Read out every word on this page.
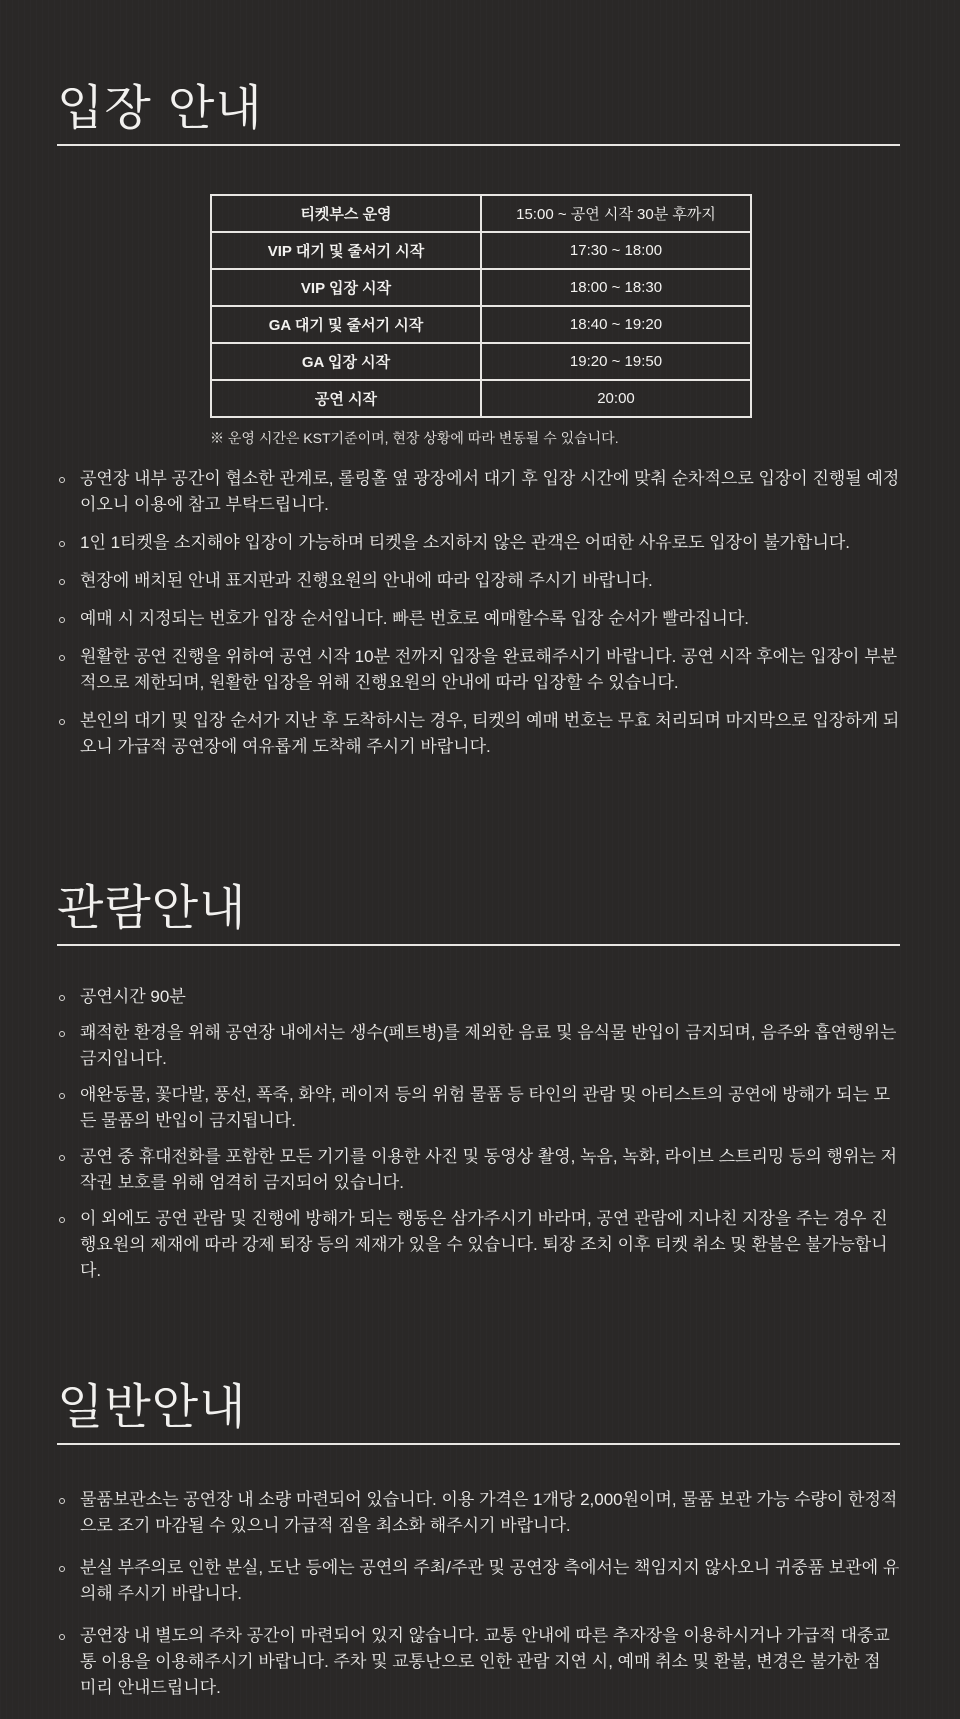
입장 안내
티켓부스 운영	15:00 ~ 공연 시작 30분 후까지
VIP 대기 및 줄서기 시작	17:30 ~ 18:00
VIP 입장 시작	18:00 ~ 18:30
GA 대기 및 줄서기 시작	18:40 ~ 19:20
GA 입장 시작	19:20 ~ 19:50
공연 시작	20:00
※ 운영 시간은 KST기준이며, 현장 상황에 따라 변동될 수 있습니다.
공연장 내부 공간이 협소한 관계로, 롤링홀 옆 광장에서 대기 후 입장 시간에 맞춰 순차적으로 입장이 진행될 예정이오니 이용에 참고 부탁드립니다.
1인 1티켓을 소지해야 입장이 가능하며 티켓을 소지하지 않은 관객은 어떠한 사유로도 입장이 불가합니다.
현장에 배치된 안내 표지판과 진행요원의 안내에 따라 입장해 주시기 바랍니다.
예매 시 지정되는 번호가 입장 순서입니다. 빠른 번호로 예매할수록 입장 순서가 빨라집니다.
원활한 공연 진행을 위하여 공연 시작 10분 전까지 입장을 완료해주시기 바랍니다. 공연 시작 후에는 입장이 부분적으로 제한되며, 원활한 입장을 위해 진행요원의 안내에 따라 입장할 수 있습니다.
본인의 대기 및 입장 순서가 지난 후 도착하시는 경우, 티켓의 예매 번호는 무효 처리되며 마지막으로 입장하게 되오니 가급적 공연장에 여유롭게 도착해 주시기 바랍니다.
관람안내
공연시간 90분
쾌적한 환경을 위해 공연장 내에서는 생수(페트병)를 제외한 음료 및 음식물 반입이 금지되며, 음주와 흡연행위는 금지입니다.
애완동물, 꽃다발, 풍선, 폭죽, 화약, 레이저 등의 위험 물품 등 타인의 관람 및 아티스트의 공연에 방해가 되는 모든 물품의 반입이 금지됩니다.
공연 중 휴대전화를 포함한 모든 기기를 이용한 사진 및 동영상 촬영, 녹음, 녹화, 라이브 스트리밍 등의 행위는 저작권 보호를 위해 엄격히 금지되어 있습니다.
이 외에도 공연 관람 및 진행에 방해가 되는 행동은 삼가주시기 바라며, 공연 관람에 지나친 지장을 주는 경우 진행요원의 제재에 따라 강제 퇴장 등의 제재가 있을 수 있습니다. 퇴장 조치 이후 티켓 취소 및 환불은 불가능합니다.
일반안내
물품보관소는 공연장 내 소량 마련되어 있습니다. 이용 가격은 1개당 2,000원이며, 물품 보관 가능 수량이 한정적으로 조기 마감될 수 있으니 가급적 짐을 최소화 해주시기 바랍니다.
분실 부주의로 인한 분실, 도난 등에는 공연의 주최/주관 및 공연장 측에서는 책임지지 않사오니 귀중품 보관에 유의해 주시기 바랍니다.
공연장 내 별도의 주차 공간이 마련되어 있지 않습니다. 교통 안내에 따른 추자장을 이용하시거나 가급적 대중교통 이용을 이용해주시기 바랍니다. 주차 및 교통난으로 인한 관람 지연 시, 예매 취소 및 환불, 변경은 불가한 점 미리 안내드립니다.
